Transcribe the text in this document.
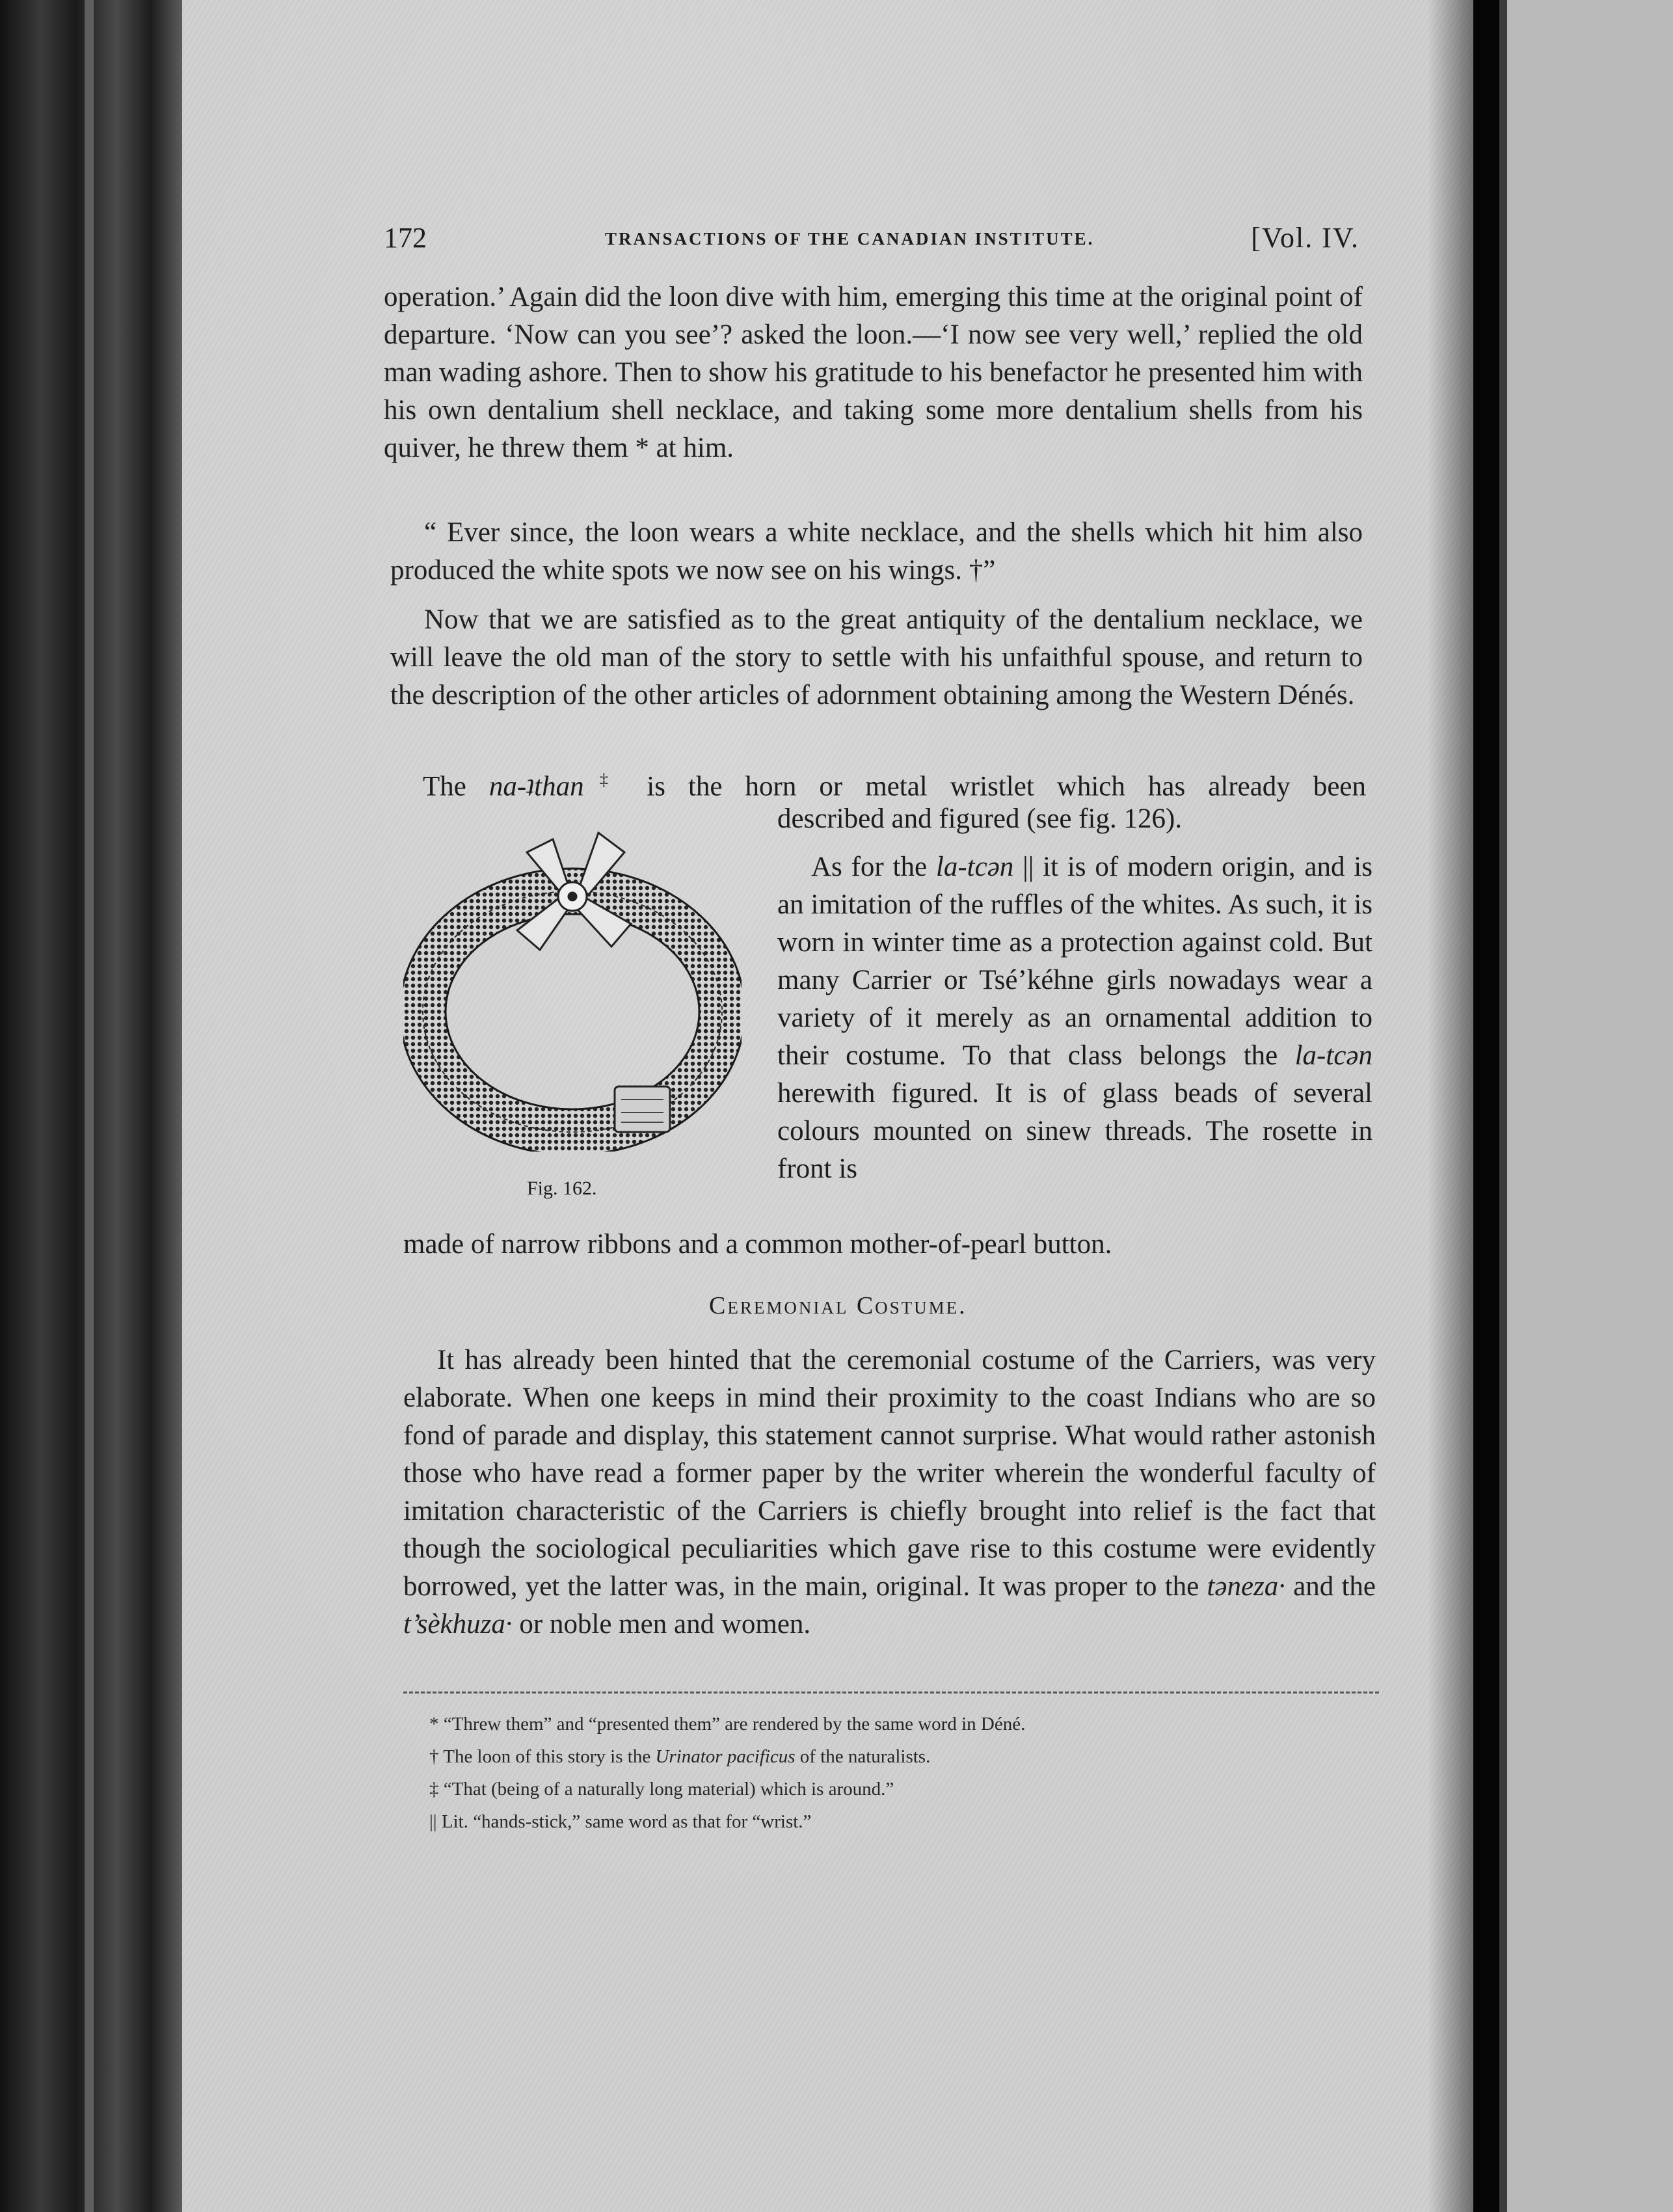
172	TRANSACTIONS OF THE CANADIAN INSTITUTE.	[Vol. IV.

operation.’ Again did the loon dive with him, emerging this time at the original point of departure. ‘Now can you see’? asked the loon.—‘I now see very well,’ replied the old man wading ashore. Then to show his gratitude to his benefactor he presented him with his own dentalium shell necklace, and taking some more dentalium shells from his quiver, he threw them * at him.

“ Ever since, the loon wears a white necklace, and the shells which hit him also produced the white spots we now see on his wings. †”

Now that we are satisfied as to the great antiquity of the dentalium necklace, we will leave the old man of the story to settle with his unfaithful spouse, and return to the description of the other articles of adornment obtaining among the Western Dénés.

The na-ʇthan‡ is the horn or metal wristlet which has already been
described and figured (see fig. 126).
Fig. 162.

As for the la-tcən || it is of modern origin, and is an imitation of the ruffles of the whites. As such, it is worn in winter time as a protection against cold. But many Carrier or Tsé’kéhne girls nowadays wear a variety of it merely as an ornamental addition to their costume. To that class belongs the la-tcən herewith figured. It is of glass beads of several colours mounted on sinew threads. The rosette in front is

made of narrow ribbons and a common mother-of-pearl button.

Ceremonial Costume.

It has already been hinted that the ceremonial costume of the Carriers, was very elaborate. When one keeps in mind their proximity to the coast Indians who are so fond of parade and display, this statement cannot surprise. What would rather astonish those who have read a former paper by the writer wherein the wonderful faculty of imitation characteristic of the Carriers is chiefly brought into relief is the fact that though the sociological peculiarities which gave rise to this costume were evidently borrowed, yet the latter was, in the main, original. It was proper to the təneza· and the t’sèkhuza· or noble men and women.

* “Threw them” and “presented them” are rendered by the same word in Déné.
† The loon of this story is the Urinator pacificus of the naturalists.
‡ “That (being of a naturally long material) which is around.”
|| Lit. “hands-stick,” same word as that for “wrist.”
